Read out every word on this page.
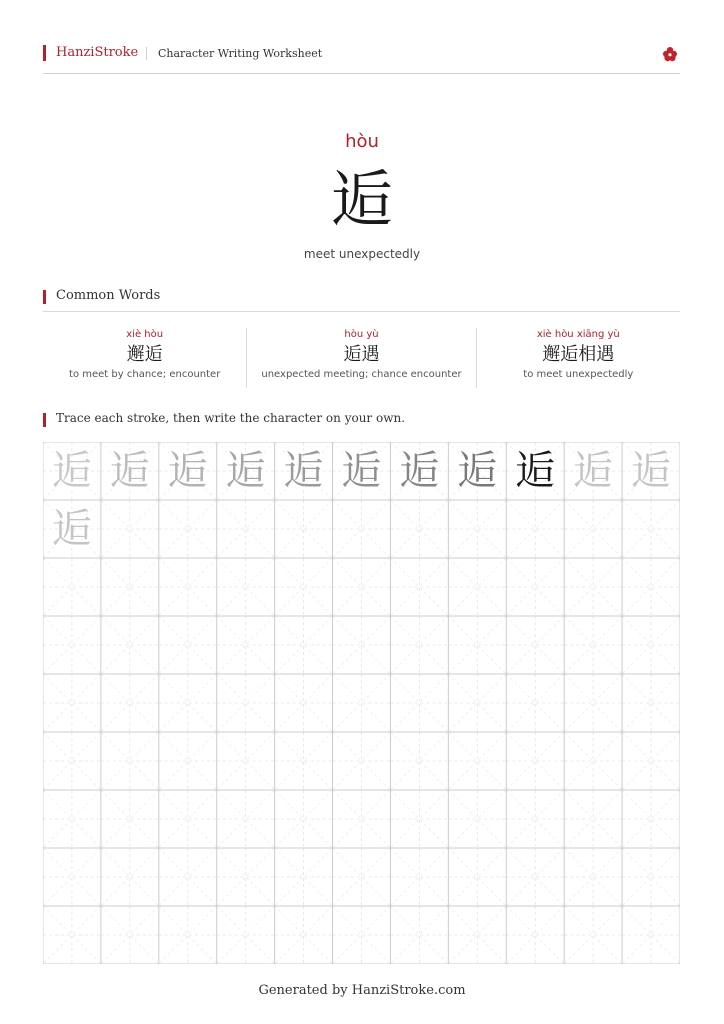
HanziStroke Character Writing Worksheet
hòu
逅
meet unexpectedly
Common Words
xiè hòu
邂逅
to meet by chance; encounter
hòu yù
逅遇
unexpected meeting; chance encounter
xiè hòu xiāng yù
邂逅相遇
to meet unexpectedly
Trace each stroke, then write the character on your own.
逅 逅 逅 逅 逅 逅 逅 逅 逅 逅 逅
逅
Generated by HanziStroke.com
